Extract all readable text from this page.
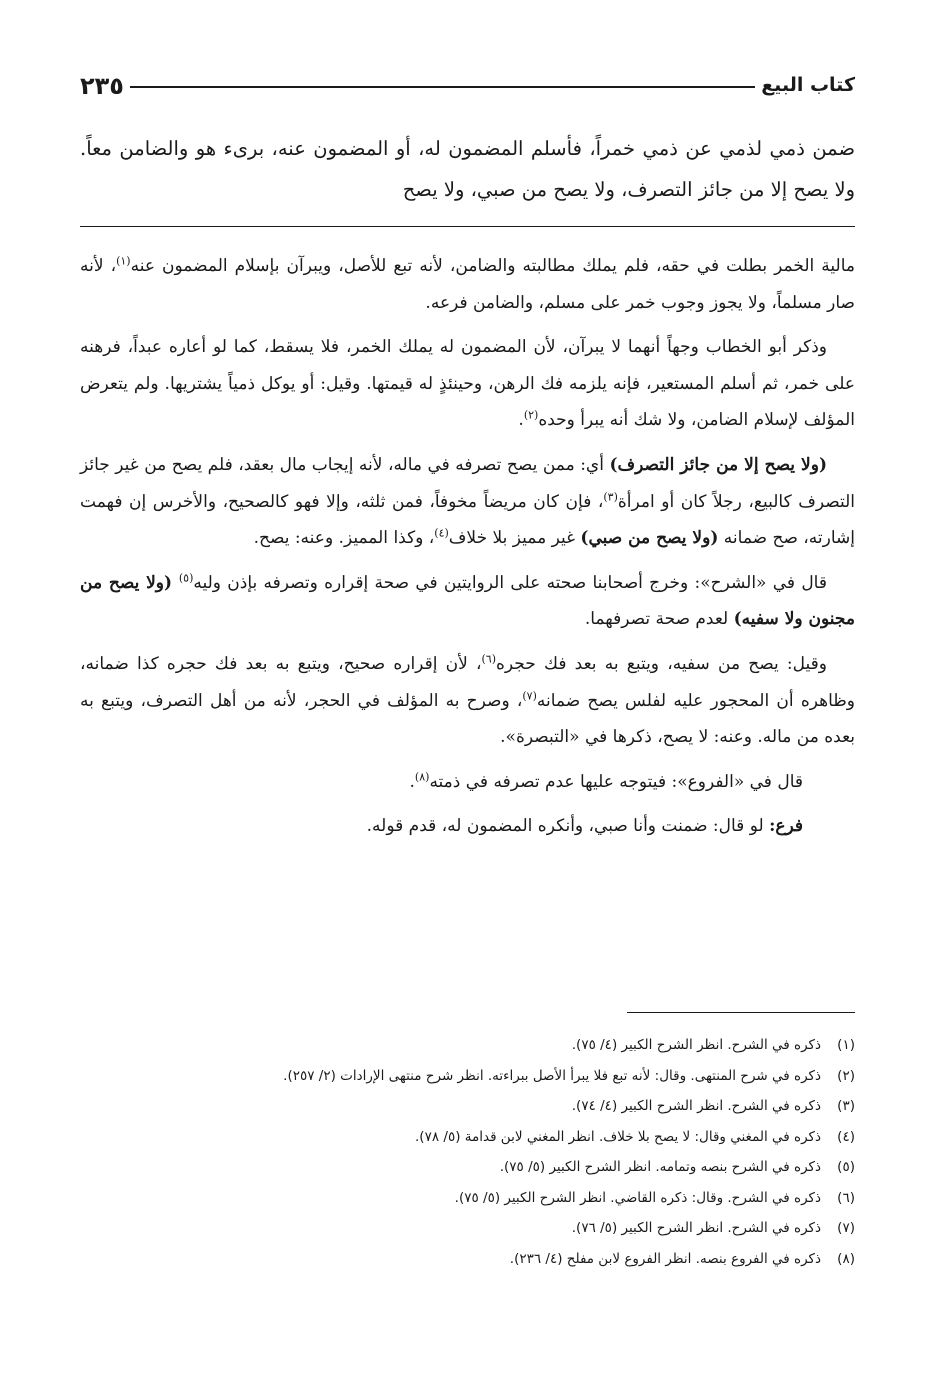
كتاب البيع
٢٣٥
ضمن ذمي لذمي عن ذمي خمراً، فأسلم المضمون له، أو المضمون عنه، برىء هو والضامن معاً. ولا يصح إلا من جائز التصرف، ولا يصح من صبي، ولا يصح

مالية الخمر بطلت في حقه، فلم يملك مطالبته والضامن، لأنه تبع للأصل، ويبرآن بإسلام المضمون عنه$^{(١)}$، لأنه صار مسلماً، ولا يجوز وجوب خمر على مسلم، والضامن فرعه.

وذكر أبو الخطاب وجهاً أنهما لا يبرآن، لأن المضمون له يملك الخمر، فلا يسقط، كما لو أعاره عبداً، فرهنه على خمر، ثم أسلم المستعير، فإنه يلزمه فك الرهن، وحينئذٍ له قيمتها. وقيل: أو يوكل ذمياً يشتريها. ولم يتعرض المؤلف لإسلام الضامن، ولا شك أنه يبرأ وحده$^{(٢)}$.

(ولا يصح إلا من جائز التصرف) أي: ممن يصح تصرفه في ماله، لأنه إيجاب مال بعقد، فلم يصح من غير جائز التصرف كالبيع، رجلاً كان أو امرأة$^{(٣)}$، فإن كان مريضاً مخوفاً، فمن ثلثه، وإلا فهو كالصحيح، والأخرس إن فهمت إشارته، صح ضمانه (ولا يصح من صبي) غير مميز بلا خلاف$^{(٤)}$، وكذا المميز. وعنه: يصح.

قال في «الشرح»: وخرج أصحابنا صحته على الروايتين في صحة إقراره وتصرفه بإذن وليه$^{(٥)}$ (ولا يصح من مجنون ولا سفيه) لعدم صحة تصرفهما.

وقيل: يصح من سفيه، ويتبع به بعد فك حجره$^{(٦)}$، لأن إقراره صحيح، ويتبع به بعد فك حجره كذا ضمانه، وظاهره أن المحجور عليه لفلس يصح ضمانه$^{(٧)}$، وصرح به المؤلف في الحجر، لأنه من أهل التصرف، ويتبع به بعده من ماله. وعنه: لا يصح، ذكرها في «التبصرة».

قال في «الفروع»: فيتوجه عليها عدم تصرفه في ذمته$^{(٨)}$.

فرع: لو قال: ضمنت وأنا صبي، وأنكره المضمون له، قدم قوله.

(١)
ذكره في الشرح. انظر الشرح الكبير (٤/ ٧٥).
(٢)
ذكره في شرح المنتهى. وقال: لأنه تبع فلا يبرأ الأصل ببراءته. انظر شرح منتهى الإرادات (٢/ ٢٥٧).
(٣)
ذكره في الشرح. انظر الشرح الكبير (٤/ ٧٤).
(٤)
ذكره في المغني وقال: لا يصح بلا خلاف. انظر المغني لابن قدامة (٥/ ٧٨).
(٥)
ذكره في الشرح بنصه وتمامه. انظر الشرح الكبير (٥/ ٧٥).
(٦)
ذكره في الشرح. وقال: ذكره القاضي. انظر الشرح الكبير (٥/ ٧٥).
(٧)
ذكره في الشرح. انظر الشرح الكبير (٥/ ٧٦).
(٨)
ذكره في الفروع بنصه. انظر الفروع لابن مفلح (٤/ ٢٣٦).
